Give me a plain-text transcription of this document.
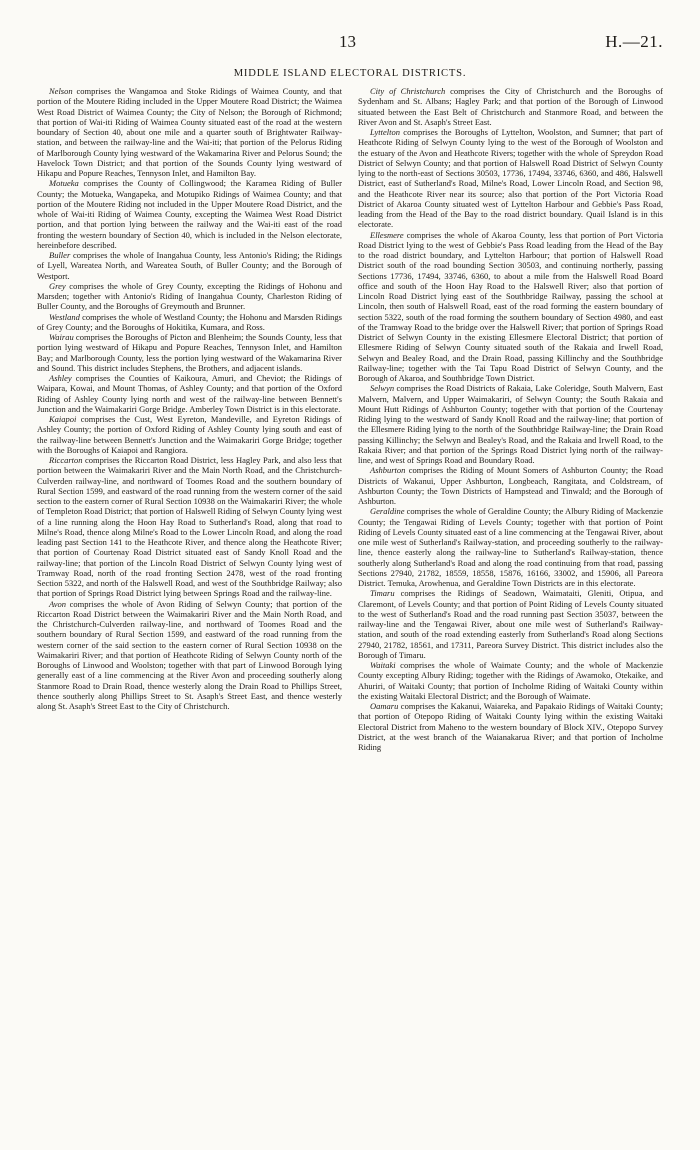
13	H.—21.
MIDDLE ISLAND ELECTORAL DISTRICTS.

Nelson comprises the Wangamoa and Stoke Ridings of Waimea County, and that portion of the Moutere Riding included in the Upper Moutere Road District; the Waimea West Road District of Waimea County; the City of Nelson; the Borough of Richmond; that portion of Wai-iti Riding of Waimea County situated east of the road at the western boundary of Section 40, about one mile and a quarter south of Brightwater Railway-station, and between the railway-line and the Wai-iti; that portion of the Pelorus Riding of Marlborough County lying westward of the Wakamarina River and Pelorus Sound; the Havelock Town District; and that portion of the Sounds County lying westward of Hikapu and Popure Reaches, Tennyson Inlet, and Hamilton Bay.

Motueka comprises the County of Collingwood; the Karamea Riding of Buller County; the Motueka, Wangapeka, and Motupiko Ridings of Waimea County; and that portion of the Moutere Riding not included in the Upper Moutere Road District, and the whole of Wai-iti Riding of Waimea County, excepting the Waimea West Road District portion, and that portion lying between the railway and the Wai-iti east of the road fronting the western boundary of Section 40, which is included in the Nelson electorate, hereinbefore described.

Buller comprises the whole of Inangahua County, less Antonio's Riding; the Ridings of Lyell, Wareatea North, and Wareatea South, of Buller County; and the Borough of Westport.

Grey comprises the whole of Grey County, excepting the Ridings of Hohonu and Marsden; together with Antonio's Riding of Inangahua County, Charleston Riding of Buller County, and the Boroughs of Greymouth and Brunner.

Westland comprises the whole of Westland County; the Hohonu and Marsden Ridings of Grey County; and the Boroughs of Hokitika, Kumara, and Ross.

Wairau comprises the Boroughs of Picton and Blenheim; the Sounds County, less that portion lying westward of Hikapu and Popure Reaches, Tennyson Inlet, and Hamilton Bay; and Marlborough County, less the portion lying westward of the Wakamarina River and Sound. This district includes Stephens, the Brothers, and adjacent islands.

Ashley comprises the Counties of Kaikoura, Amuri, and Cheviot; the Ridings of Waipara, Kowai, and Mount Thomas, of Ashley County; and that portion of the Oxford Riding of Ashley County lying north and west of the railway-line between Bennett's Junction and the Waimakariri Gorge Bridge. Amberley Town District is in this electorate.

Kaiapoi comprises the Cust, West Eyreton, Mandeville, and Eyreton Ridings of Ashley County; the portion of Oxford Riding of Ashley County lying south and east of the railway-line between Bennett's Junction and the Waimakariri Gorge Bridge; together with the Boroughs of Kaiapoi and Rangiora.

Riccarton comprises the Riccarton Road District, less Hagley Park, and also less that portion between the Waimakariri River and the Main North Road, and the Christchurch-Culverden railway-line, and northward of Toomes Road and the southern boundary of Rural Section 1599, and eastward of the road running from the western corner of the said section to the eastern corner of Rural Section 10938 on the Waimakariri River; the whole of Templeton Road District; that portion of Halswell Riding of Selwyn County lying west of a line running along the Hoon Hay Road to Sutherland's Road, along that road to Milne's Road, thence along Milne's Road to the Lower Lincoln Road, and along the road leading past Section 141 to the Heathcote River, and thence along the Heathcote River; that portion of Courtenay Road District situated east of Sandy Knoll Road and the railway-line; that portion of the Lincoln Road District of Selwyn County lying west of Tramway Road, north of the road fronting Section 2478, west of the road fronting Section 5322, and north of the Halswell Road, and west of the Southbridge Railway; also that portion of Springs Road District lying between Springs Road and the railway-line.

Avon comprises the whole of Avon Riding of Selwyn County; that portion of the Riccarton Road District between the Waimakariri River and the Main North Road, and the Christchurch-Culverden railway-line, and northward of Toomes Road and the southern boundary of Rural Section 1599, and eastward of the road running from the western corner of the said section to the eastern corner of Rural Section 10938 on the Waimakariri River; and that portion of Heathcote Riding of Selwyn County north of the Boroughs of Linwood and Woolston; together with that part of Linwood Borough lying generally east of a line commencing at the River Avon and proceeding southerly along Stanmore Road to Drain Road, thence westerly along the Drain Road to Phillips Street, thence southerly along Phillips Street to St. Asaph's Street East, and thence westerly along St. Asaph's Street East to the City of Christchurch.

City of Christchurch comprises the City of Christchurch and the Boroughs of Sydenham and St. Albans; Hagley Park; and that portion of the Borough of Linwood situated between the East Belt of Christchurch and Stanmore Road, and between the River Avon and St. Asaph's Street East.

Lyttelton comprises the Boroughs of Lyttelton, Woolston, and Sumner; that part of Heathcote Riding of Selwyn County lying to the west of the Borough of Woolston and the estuary of the Avon and Heathcote Rivers; together with the whole of Spreydon Road District of Selwyn County; and that portion of Halswell Road District of Selwyn County lying to the north-east of Sections 30503, 17736, 17494, 33746, 6360, and 486, Halswell District, east of Sutherland's Road, Milne's Road, Lower Lincoln Road, and Section 98, and the Heathcote River near its source; also that portion of the Port Victoria Road District of Akaroa County situated west of Lyttelton Harbour and Gebbie's Pass Road, leading from the Head of the Bay to the road district boundary. Quail Island is in this electorate.

Ellesmere comprises the whole of Akaroa County, less that portion of Port Victoria Road District lying to the west of Gebbie's Pass Road leading from the Head of the Bay to the road district boundary, and Lyttelton Harbour; that portion of Halswell Road District south of the road bounding Section 30503, and continuing northerly, passing Sections 17736, 17494, 33746, 6360, to about a mile from the Halswell Road Board office and south of the Hoon Hay Road to the Halswell River; also that portion of Lincoln Road District lying east of the Southbridge Railway, passing the school at Lincoln, then south of Halswell Road, east of the road forming the eastern boundary of section 5322, south of the road forming the southern boundary of Section 4980, and east of the Tramway Road to the bridge over the Halswell River; that portion of Springs Road District of Selwyn County in the existing Ellesmere Electoral District; that portion of Ellesmere Riding of Selwyn County situated south of the Rakaia and Irwell Road, Selwyn and Bealey Road, and the Drain Road, passing Killinchy and the Southbridge Railway-line; together with the Tai Tapu Road District of Selwyn County, and the Borough of Akaroa, and Southbridge Town District.

Selwyn comprises the Road Districts of Rakaia, Lake Coleridge, South Malvern, East Malvern, Malvern, and Upper Waimakariri, of Selwyn County; the South Rakaia and Mount Hutt Ridings of Ashburton County; together with that portion of the Courtenay Riding lying to the westward of Sandy Knoll Road and the railway-line; that portion of the Ellesmere Riding lying to the north of the Southbridge Railway-line; the Drain Road passing Killinchy; the Selwyn and Bealey's Road, and the Rakaia and Irwell Road, to the Rakaia River; and that portion of the Springs Road District lying north of the railway-line, and west of Springs Road and Boundary Road.

Ashburton comprises the Riding of Mount Somers of Ashburton County; the Road Districts of Wakanui, Upper Ashburton, Longbeach, Rangitata, and Coldstream, of Ashburton County; the Town Districts of Hampstead and Tinwald; and the Borough of Ashburton.

Geraldine comprises the whole of Geraldine County; the Albury Riding of Mackenzie County; the Tengawai Riding of Levels County; together with that portion of Point Riding of Levels County situated east of a line commencing at the Tengawai River, about one mile west of Sutherland's Railway-station, and proceeding southerly to the railway-line, thence easterly along the railway-line to Sutherland's Railway-station, thence southerly along Sutherland's Road and along the road continuing from that road, passing Sections 27940, 21782, 18559, 18558, 15876, 16166, 33002, and 15906, all Pareora District. Temuka, Arowhenua, and Geraldine Town Districts are in this electorate.

Timaru comprises the Ridings of Seadown, Waimataiti, Gleniti, Otipua, and Claremont, of Levels County; and that portion of Point Riding of Levels County situated to the west of Sutherland's Road and the road running past Section 35037, between the railway-line and the Tengawai River, about one mile west of Sutherland's Railway-station, and south of the road extending easterly from Sutherland's Road along Sections 27940, 21782, 18561, and 17311, Pareora Survey District. This district includes also the Borough of Timaru.

Waitaki comprises the whole of Waimate County; and the whole of Mackenzie County excepting Albury Riding; together with the Ridings of Awamoko, Otekaike, and Ahuriri, of Waitaki County; that portion of Incholme Riding of Waitaki County within the existing Waitaki Electoral District; and the Borough of Waimate.

Oamaru comprises the Kakanui, Waiareka, and Papakaio Ridings of Waitaki County; that portion of Otepopo Riding of Waitaki County lying within the existing Waitaki Electoral District from Maheno to the western boundary of Block XIV., Otepopo Survey District, at the west branch of the Waianakarua River; and that portion of Incholme Riding
